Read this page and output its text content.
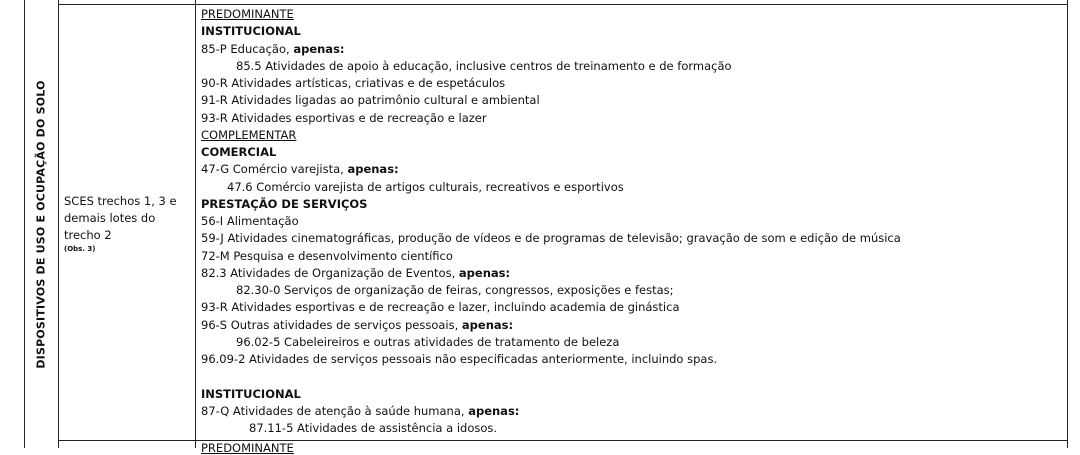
DISPOSITIVOS DE USO E OCUPAÇÃO DO SOLO SCES trechos 1, 3 e demais lotes do trecho 2
(Obs. 3)
PREDOMINANTE
INSTITUCIONAL
85-P Educação, apenas:
85.5 Atividades de apoio à educação, inclusive centros de treinamento e de formação
90-R Atividades artísticas, criativas e de espetáculos
91-R Atividades ligadas ao patrimônio cultural e ambiental
93-R Atividades esportivas e de recreação e lazer
COMPLEMENTAR
COMERCIAL
47-G Comércio varejista, apenas:
47.6 Comércio varejista de artigos culturais, recreativos e esportivos
PRESTAÇÃO DE SERVIÇOS
56-I Alimentação
59-J Atividades cinematográficas, produção de vídeos e de programas de televisão; gravação de som e edição de música
72-M Pesquisa e desenvolvimento científico
82.3 Atividades de Organização de Eventos, apenas:
82.30-0 Serviços de organização de feiras, congressos, exposições e festas;
93-R Atividades esportivas e de recreação e lazer, incluindo academia de ginástica
96-S Outras atividades de serviços pessoais, apenas:
96.02-5 Cabeleireiros e outras atividades de tratamento de beleza
96.09-2 Atividades de serviços pessoais não especificadas anteriormente, incluindo spas.
INSTITUCIONAL
87-Q Atividades de atenção à saúde humana, apenas:
87.11-5 Atividades de assistência a idosos.
PREDOMINANTE
